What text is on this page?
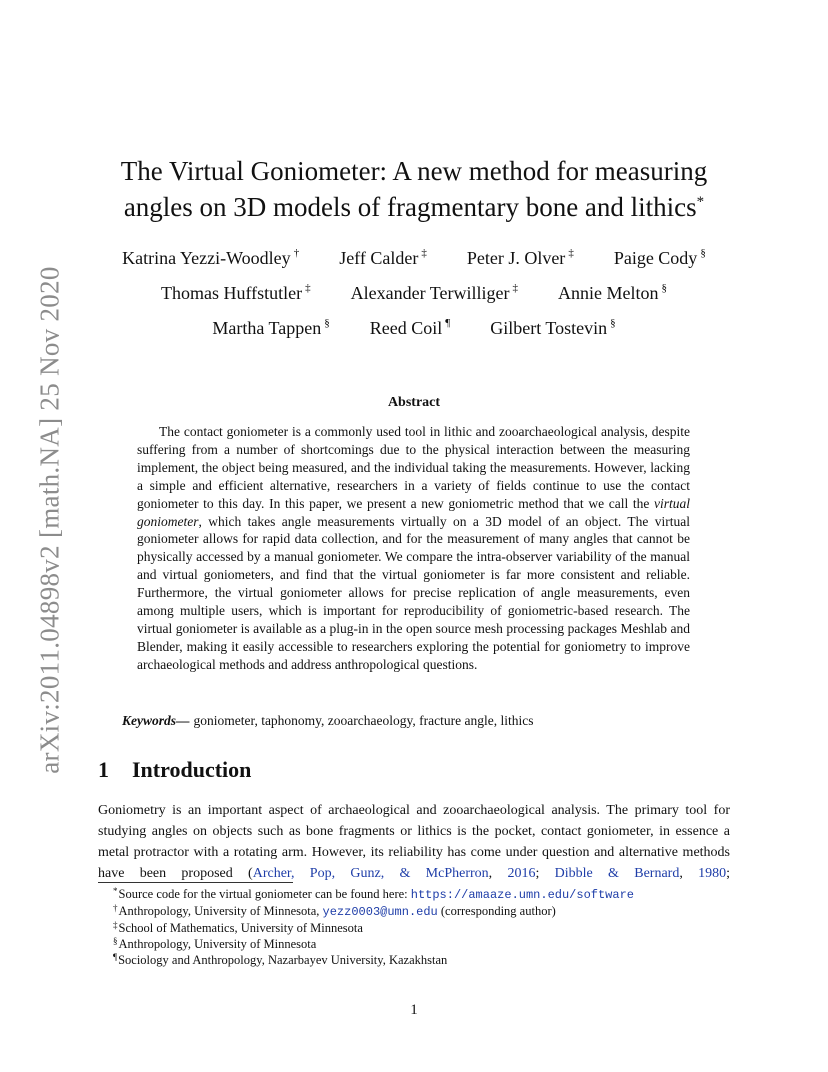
arXiv:2011.04898v2 [math.NA] 25 Nov 2020
The Virtual Goniometer: A new method for measuring
angles on 3D models of fragmentary bone and lithics*
Katrina Yezzi-Woodley † Jeff Calder ‡ Peter J. Olver ‡ Paige Cody §
Thomas Huffstutler ‡ Alexander Terwilliger ‡ Annie Melton §
Martha Tappen § Reed Coil ¶ Gilbert Tostevin §
Abstract
The contact goniometer is a commonly used tool in lithic and zooarchaeological analysis, despite suffering from a number of shortcomings due to the physical interaction between the measuring implement, the object being measured, and the individual taking the measurements. However, lacking a simple and efficient alternative, researchers in a variety of fields continue to use the contact goniometer to this day. In this paper, we present a new goniometric method that we call the virtual goniometer, which takes angle measurements virtually on a 3D model of an object. The virtual goniometer allows for rapid data collection, and for the measurement of many angles that cannot be physically accessed by a manual goniometer. We compare the intra-observer variability of the manual and virtual goniometers, and find that the virtual goniometer is far more consistent and reliable. Furthermore, the virtual goniometer allows for precise replication of angle measurements, even among multiple users, which is important for reproducibility of goniometric-based research. The virtual goniometer is available as a plug-in in the open source mesh processing packages Meshlab and Blender, making it easily accessible to researchers exploring the potential for goniometry to improve archaeological methods and address anthropological questions.
Keywords— goniometer, taphonomy, zooarchaeology, fracture angle, lithics
1 Introduction
Goniometry is an important aspect of archaeological and zooarchaeological analysis. The primary tool for studying angles on objects such as bone fragments or lithics is the pocket, contact goniometer, in essence a metal protractor with a rotating arm. However, its reliability has come under question and alternative methods have been proposed (Archer, Pop, Gunz, & McPherron, 2016; Dibble & Bernard, 1980;
*Source code for the virtual goniometer can be found here: https://amaaze.umn.edu/software
†Anthropology, University of Minnesota, yezz0003@umn.edu (corresponding author)
‡School of Mathematics, University of Minnesota
§Anthropology, University of Minnesota
¶Sociology and Anthropology, Nazarbayev University, Kazakhstan
1
